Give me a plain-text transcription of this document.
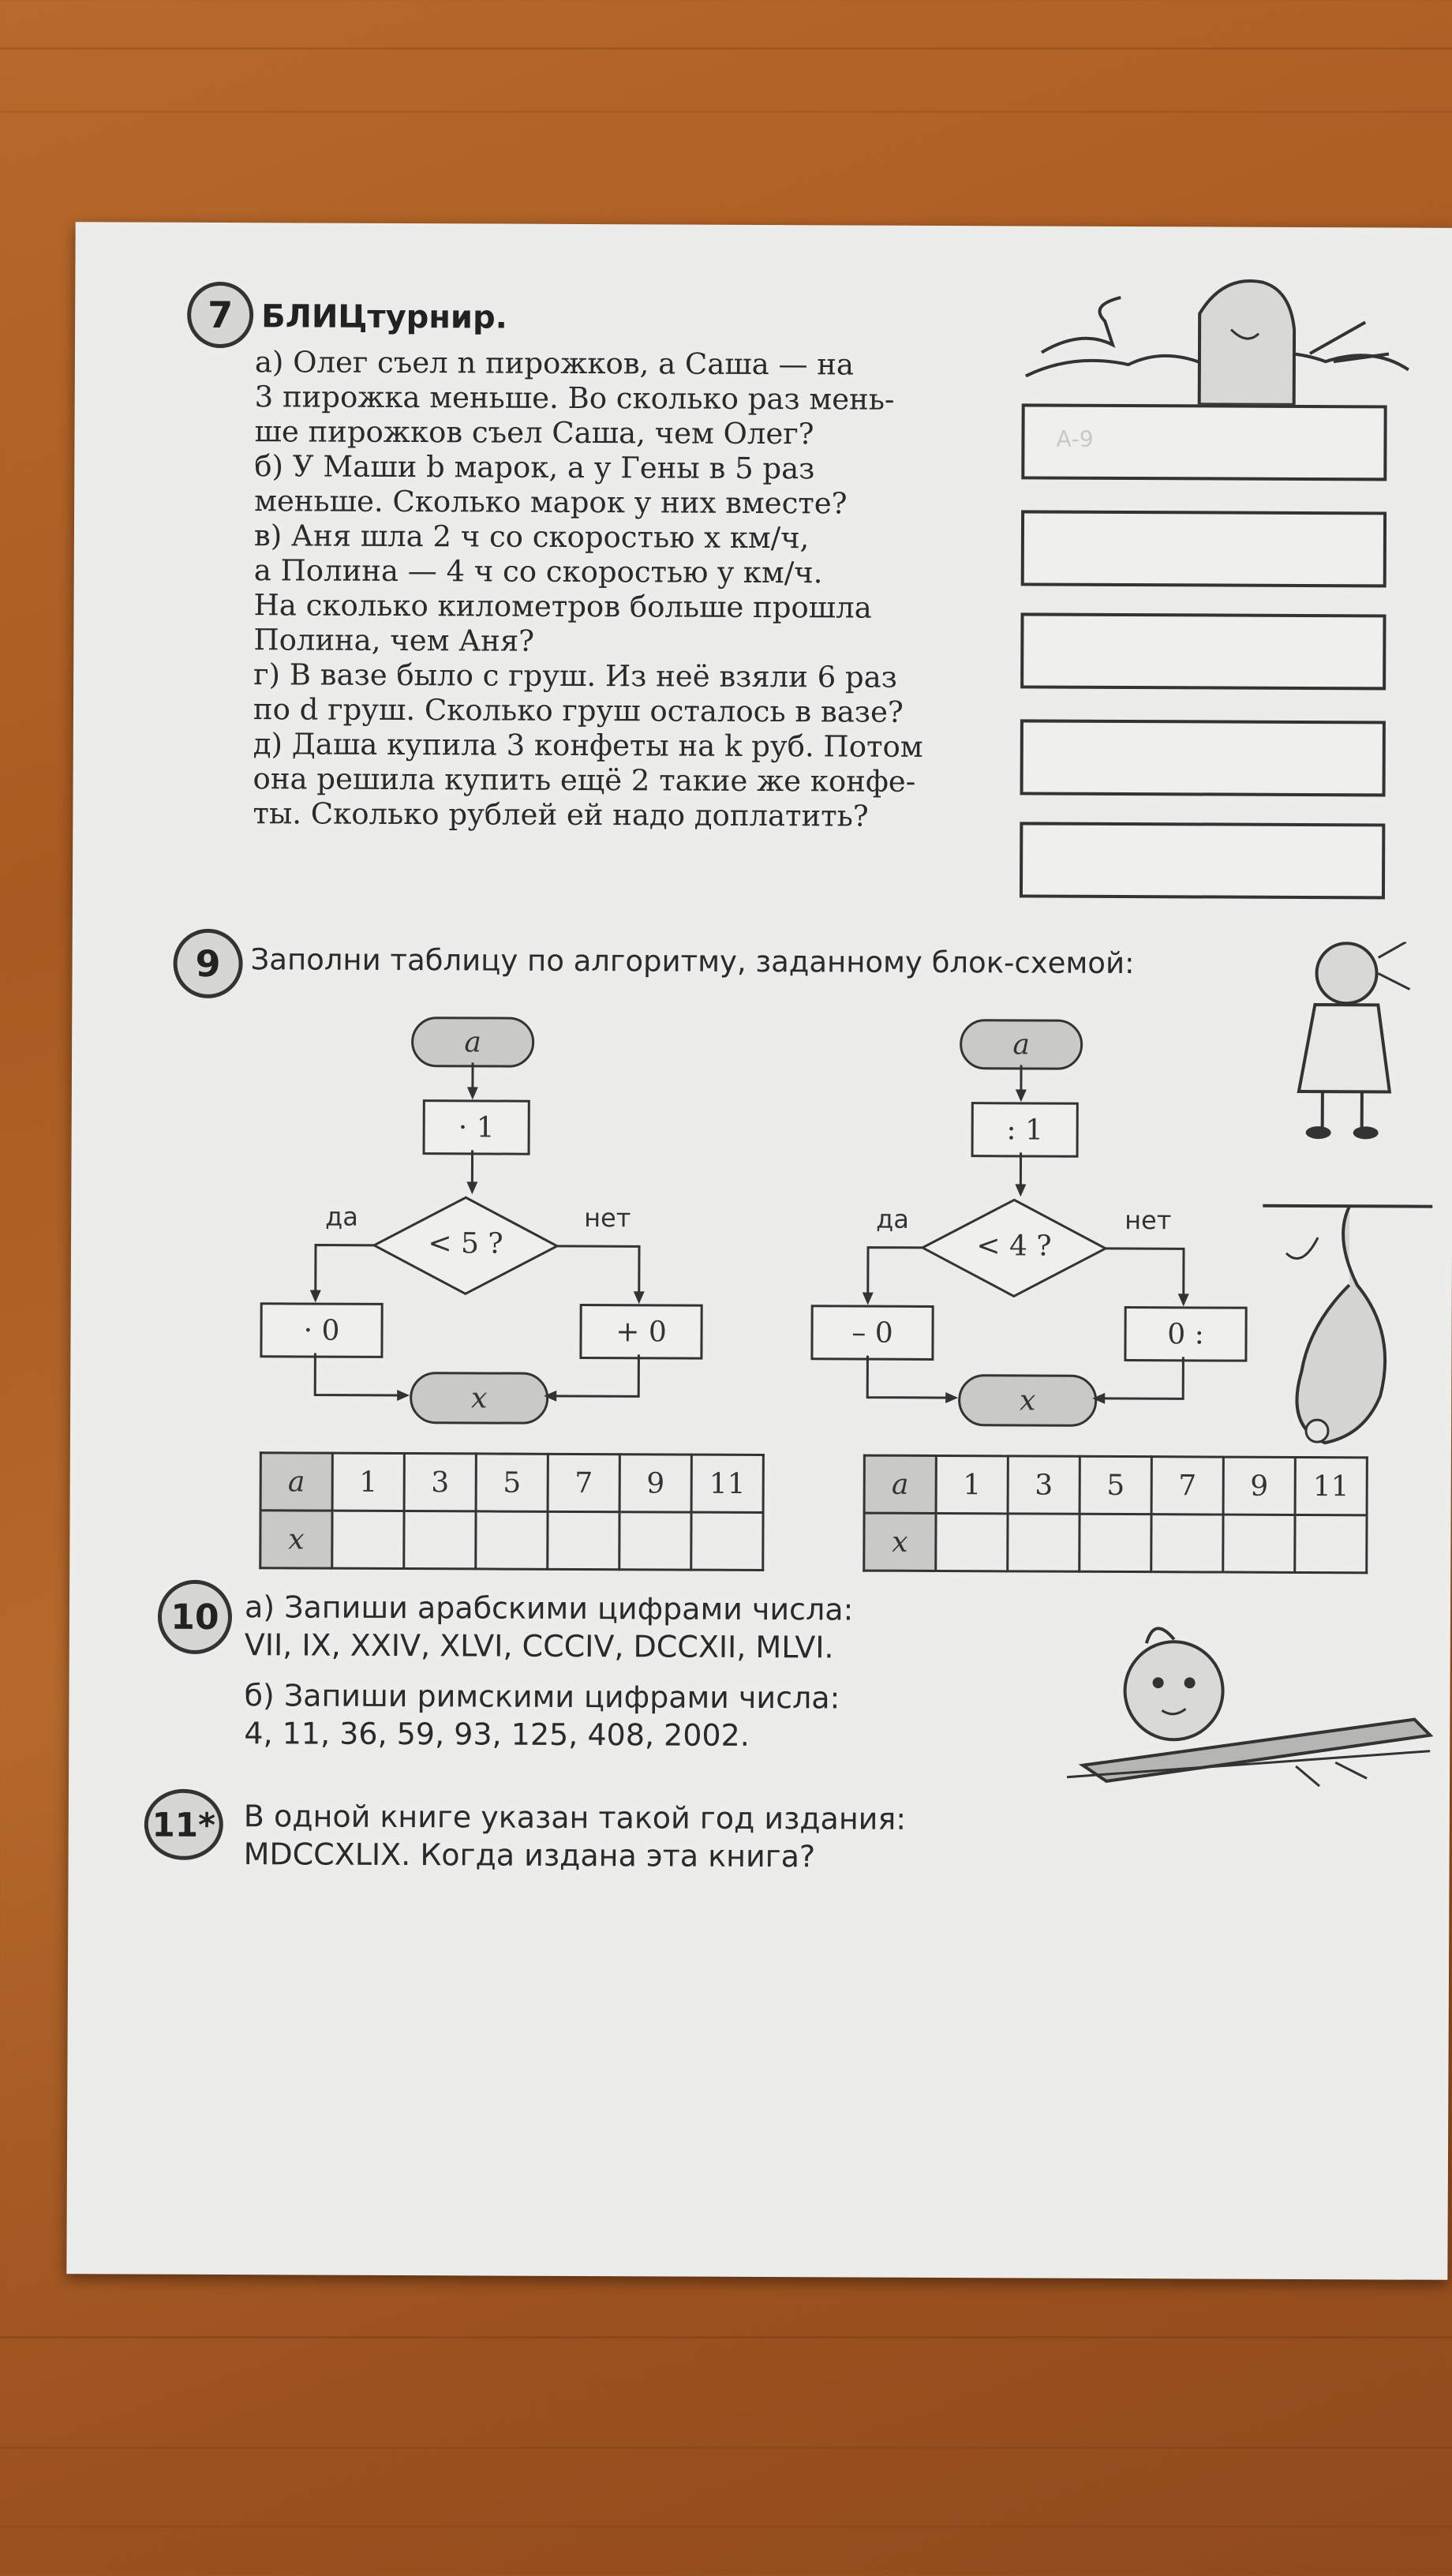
7 БЛИЦтурнир.
а) Олег съел n пирожков, а Саша — на
3 пирожка меньше. Во сколько раз мень-
ше пирожков съел Саша, чем Олег?
б) У Маши b марок, а у Гены в 5 раз
меньше. Сколько марок у них вместе?
в) Аня шла 2 ч со скоростью x км/ч,
а Полина — 4 ч со скоростью y км/ч.
На сколько километров больше прошла
Полина, чем Аня?
г) В вазе было c груш. Из неё взяли 6 раз
по d груш. Сколько груш осталось в вазе?
д) Даша купила 3 конфеты на k руб. Потом
она решила купить ещё 2 такие же конфе-
ты. Сколько рублей ей надо доплатить?
А-9
9 Заполни таблицу по алгоритму, заданному блок-схемой:
a
· 1
< 5 ?
да	нет
· 0	+ 0
x
a	1	3	5	7	9	11
x						
a
: 1
< 4 ?
да	нет
– 0	0 :
x
a	1	3	5	7	9	11
x						
10 а) Запиши арабскими цифрами числа:
VII, IX, XXIV, XLVI, CCCIV, DCCXII, MLVI.
б) Запиши римскими цифрами числа:
4, 11, 36, 59, 93, 125, 408, 2002.
11* В одной книге указан такой год издания:
MDCCXLIX. Когда издана эта книга?
